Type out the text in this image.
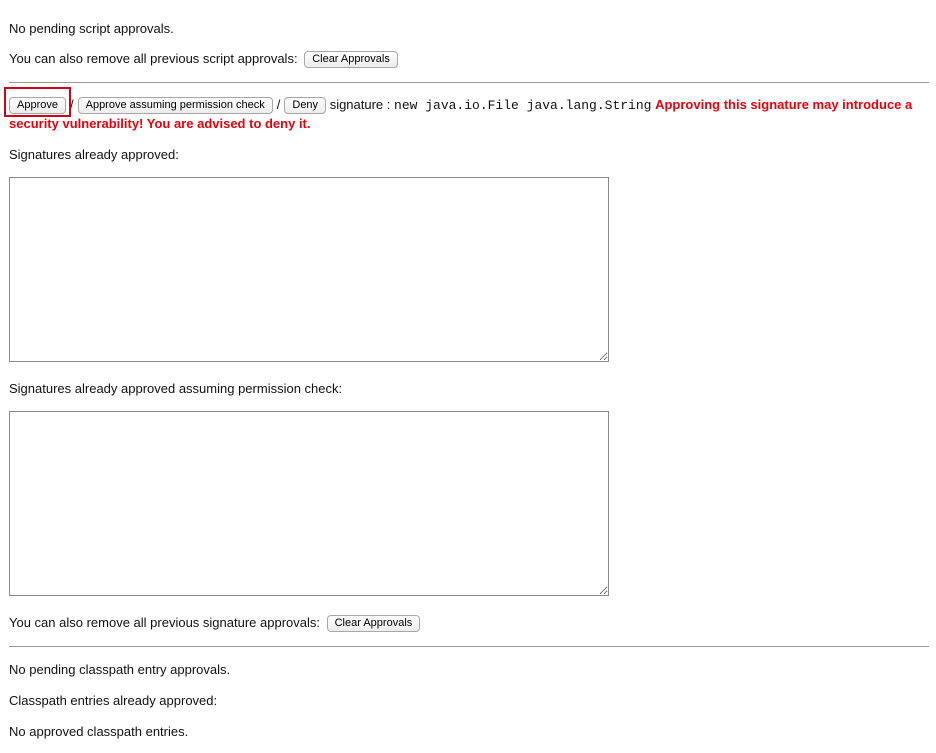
No pending script approvals.
You can also remove all previous script approvals: Clear Approvals
Approve / Approve assuming permission check / Deny signature : new java.io.File java.lang.String Approving this signature may introduce a security vulnerability! You are advised to deny it.
Signatures already approved:
Signatures already approved assuming permission check:
You can also remove all previous signature approvals: Clear Approvals
No pending classpath entry approvals.
Classpath entries already approved:
No approved classpath entries.
